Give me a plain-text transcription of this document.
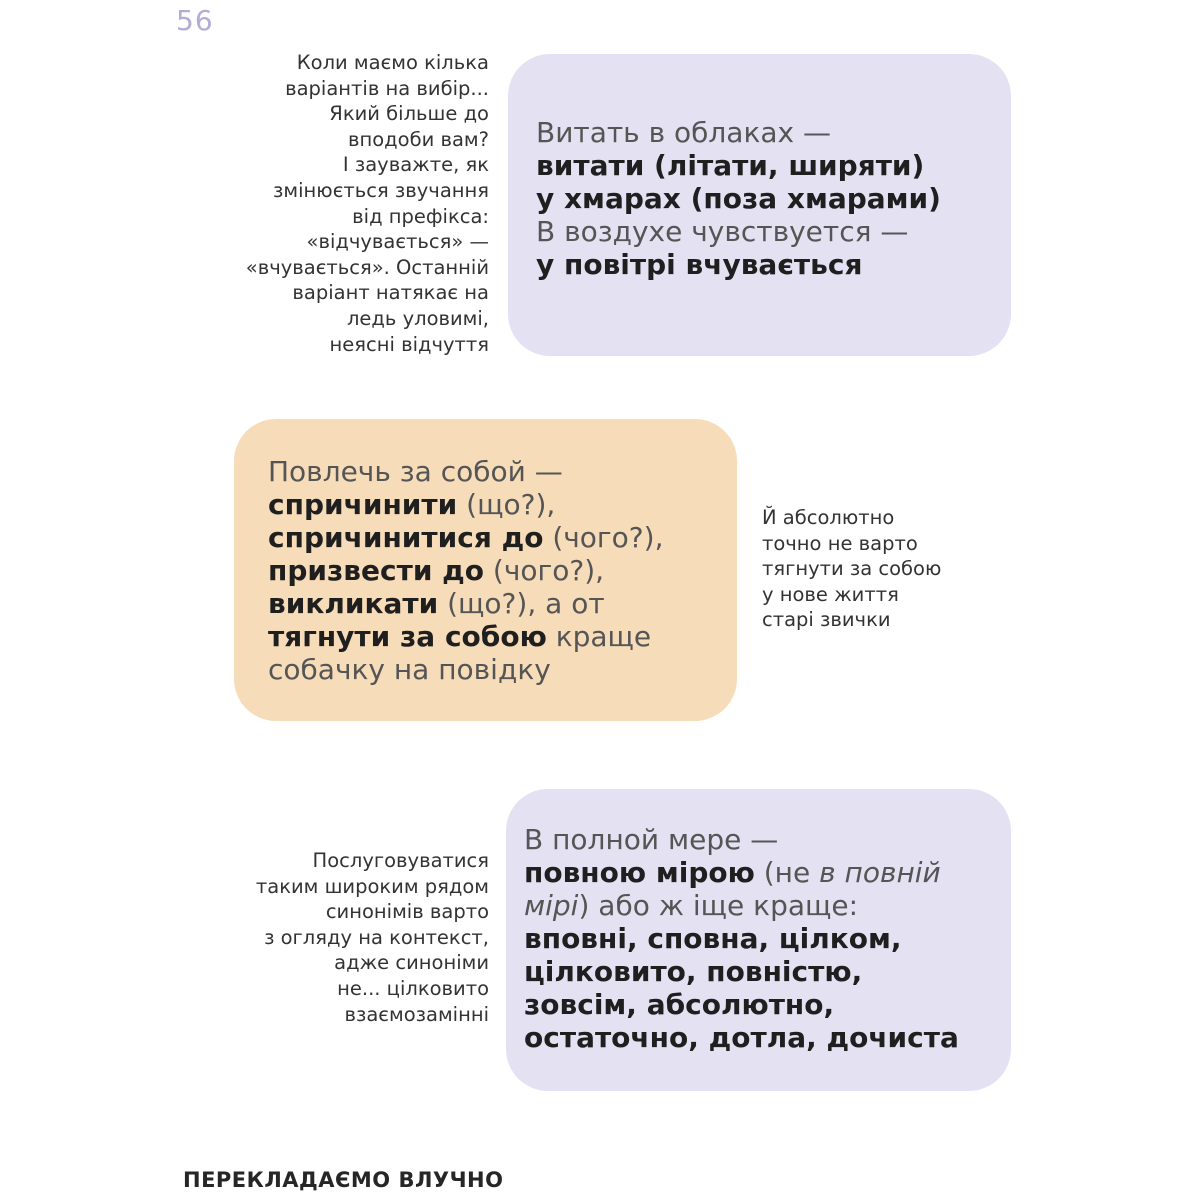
56
Коли маємо кілька
варіантів на вибір...
Який більше до
вподоби вам?
І зауважте, як
змінюється звучання
від префікса:
«відчувається» —
«вчувається». Останній
варіант натякає на
ледь уловимі,
неясні відчуття
Витать в облаках —
витати (літати, ширяти)
у хмарах (поза хмарами)
В воздухе чувствуется —
у повітрі вчувається
Повлечь за собой —
спричинити (що?),
спричинитися до (чого?),
призвести до (чого?),
викликати (що?), а от
тягнути за собою краще
собачку на повідку
Й абсолютно
точно не варто
тягнути за собою
у нове життя
старі звички
Послуговуватися
таким широким рядом
синонімів варто
з огляду на контекст,
адже синоніми
не... цілковито
взаємозамінні
В полной мере —
повною мірою (не в повній
мірі) або ж іще краще:
вповні, сповна, цілком,
цілковито, повністю,
зовсім, абсолютно,
остаточно, дотла, дочиста
ПЕРЕКЛАДАЄМО ВЛУЧНО
